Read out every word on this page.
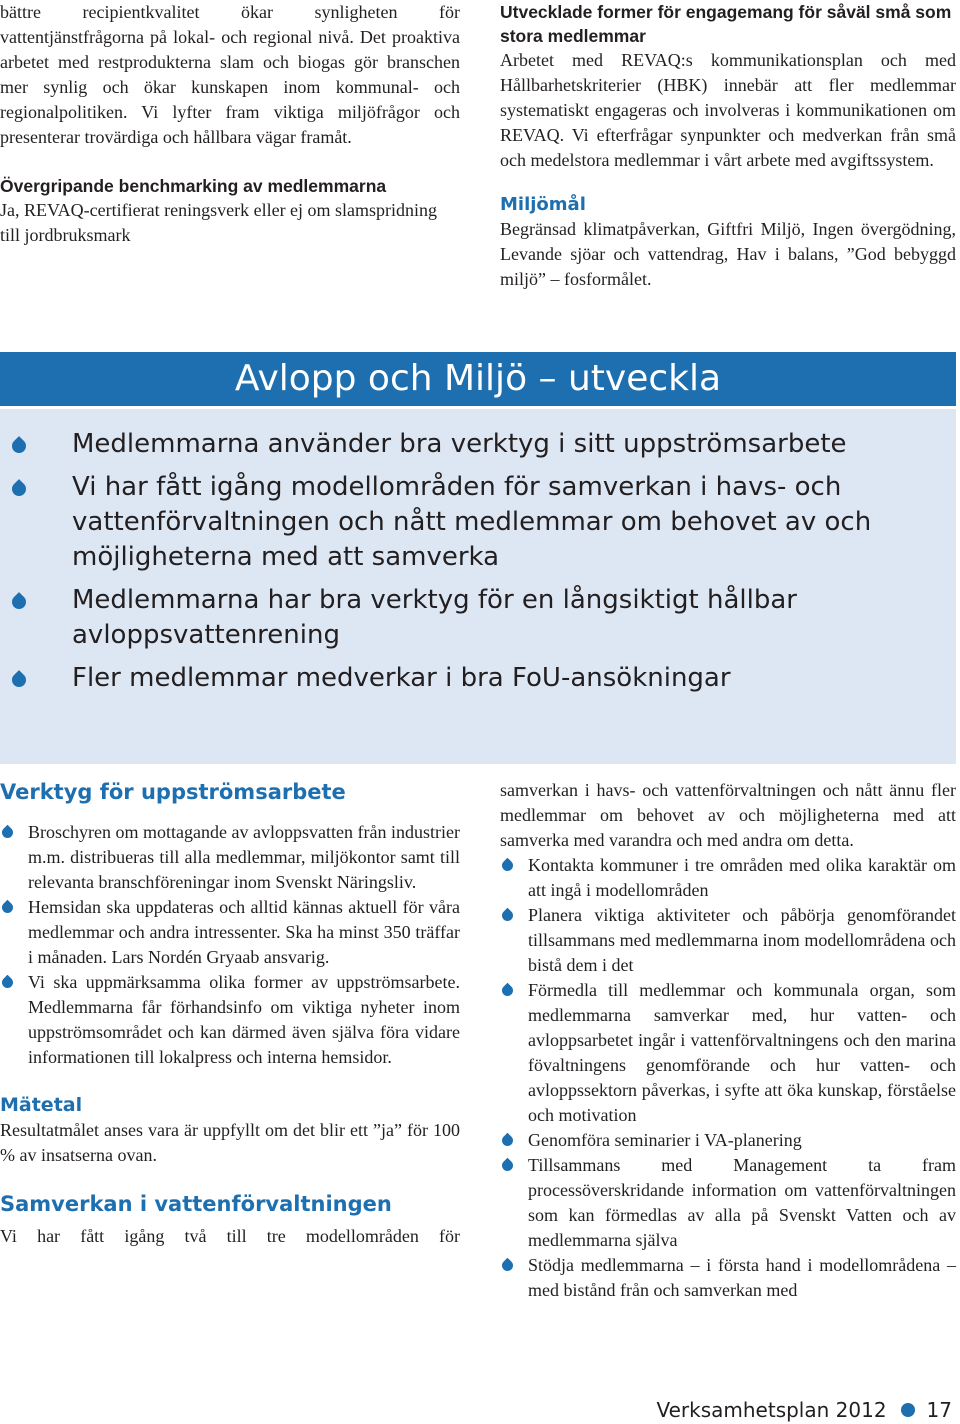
bättre recipientkvalitet ökar synligheten för vattentjänstfrågorna på lokal- och regional nivå. Det proaktiva arbetet med restprodukterna slam och biogas gör branschen mer synlig och ökar kunskapen inom kommunal- och regionalpolitiken. Vi lyfter fram viktiga miljöfrågor och presenterar trovärdiga och hållbara vägar framåt.

Övergripande benchmarking av medlemmarna

Ja, REVAQ-certifierat reningsverk eller ej om slamspridning till jordbruksmark

Utvecklade former för engagemang för såväl små som stora medlemmar

Arbetet med REVAQ:s kommunikationsplan och med Hållbarhetskriterier (HBK) innebär att fler medlemmar systematiskt engageras och involveras i kommunikationen om REVAQ. Vi efterfrågar synpunkter och medverkan från små och medelstora medlemmar i vårt arbete med avgiftssystem.

Miljömål

Begränsad klimatpåverkan, Giftfri Miljö, Ingen övergödning, Levande sjöar och vattendrag, Hav i balans, ”God bebyggd miljö” – fosformålet.

Avlopp och Miljö – utveckla
Medlemmarna använder bra verktyg i sitt uppströmsarbete
Vi har fått igång modellområden för samverkan i havs- och vattenförvaltningen och nått medlemmar om behovet av och möjligheterna med att samverka
Medlemmarna har bra verktyg för en långsiktigt hållbar avloppsvattenrening
Fler medlemmar medverkar i bra FoU-ansökningar
Verktyg för uppströmsarbete
Broschyren om mottagande av avloppsvatten från industrier m.m. distribueras till alla medlemmar, miljökontor samt till relevanta branschföreningar inom Svenskt Näringsliv.
Hemsidan ska uppdateras och alltid kännas aktuell för våra medlemmar och andra intressenter. Ska ha minst 350 träffar i månaden. Lars Nordén Gryaab ansvarig.
Vi ska uppmärksamma olika former av uppströmsarbete. Medlemmarna får förhandsinfo om viktiga nyheter inom uppströmsområdet och kan därmed även själva föra vidare informationen till lokalpress och interna hemsidor.
Mätetal

Resultatmålet anses vara är uppfyllt om det blir ett ”ja” för 100 % av insatserna ovan.

Samverkan i vattenförvaltningen

Vi har fått igång två till tre modellområden för

samverkan i havs- och vattenförvaltningen och nått ännu fler medlemmar om behovet av och möjligheterna med att samverka med varandra och med andra om detta.

Kontakta kommuner i tre områden med olika karaktär om att ingå i modellområden
Planera viktiga aktiviteter och påbörja genomförandet tillsammans med medlemmarna inom modellområdena och bistå dem i det
Förmedla till medlemmar och kommunala organ, som medlemmarna samverkar med, hur vatten- och avloppsarbetet ingår i vattenförvaltningens och den marina fövaltningens genomförande och hur vatten- och avloppssektorn påverkas, i syfte att öka kunskap, förståelse och motivation
Genomföra seminarier i VA-planering
Tillsammans med Management ta fram processöverskridande information om vattenförvaltningen som kan förmedlas av alla på Svenskt Vatten och av medlemmarna själva
Stödja medlemmarna – i första hand i modellområdena – med bistånd från och samverkan med
Verksamhetsplan 2012 17
